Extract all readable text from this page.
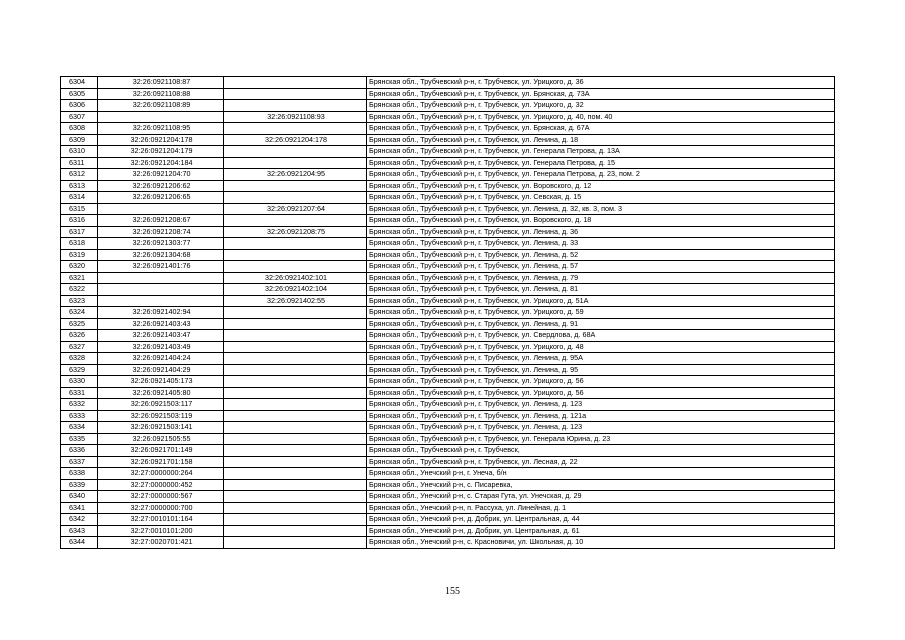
6304	32:26:0921108:87		Брянская обл., Трубчевский р-н, г. Трубчевск, ул. Урицкого, д. 36
6305	32:26:0921108:88		Брянская обл., Трубчевский р-н, г. Трубчевск, ул. Брянская, д. 73А
6306	32:26:0921108:89		Брянская обл., Трубчевский р-н, г. Трубчевск, ул. Урицкого, д. 32
6307		32:26:0921108:93	Брянская обл., Трубчевский р-н, г. Трубчевск, ул. Урицкого, д. 40, пом. 40
6308	32:26:0921108:95		Брянская обл., Трубчевский р-н, г. Трубчевск, ул. Брянская, д. 67А
6309	32:26:0921204:178	32:26:0921204:178	Брянская обл., Трубчевский р-н, г. Трубчевск, ул. Ленина, д. 18
6310	32:26:0921204:179		Брянская обл., Трубчевский р-н, г. Трубчевск, ул. Генерала Петрова, д. 13А
6311	32:26:0921204:184		Брянская обл., Трубчевский р-н, г. Трубчевск, ул. Генерала Петрова, д. 15
6312	32:26:0921204:70	32:26:0921204:95	Брянская обл., Трубчевский р-н, г. Трубчевск, ул. Генерала Петрова, д. 23, пом. 2
6313	32:26:0921206:62		Брянская обл., Трубчевский р-н, г. Трубчевск, ул. Воровского, д. 12
6314	32:26:0921206:65		Брянская обл., Трубчевский р-н, г. Трубчевск, ул. Севская, д. 15
6315		32:26:0921207:64	Брянская обл., Трубчевский р-н, г. Трубчевск, ул. Ленина, д. 32, кв. 3, пом. 3
6316	32:26:0921208:67		Брянская обл., Трубчевский р-н, г. Трубчевск, ул. Воровского, д. 18
6317	32:26:0921208:74	32:26:0921208:75	Брянская обл., Трубчевский р-н, г. Трубчевск, ул. Ленина, д. 36
6318	32:26:0921303:77		Брянская обл., Трубчевский р-н, г. Трубчевск, ул. Ленина, д. 33
6319	32:26:0921304:68		Брянская обл., Трубчевский р-н, г. Трубчевск, ул. Ленина, д. 52
6320	32:26:0921401:76		Брянская обл., Трубчевский р-н, г. Трубчевск, ул. Ленина, д. 57
6321		32:26:0921402:101	Брянская обл., Трубчевский р-н, г. Трубчевск, ул. Ленина, д. 79
6322		32:26:0921402:104	Брянская обл., Трубчевский р-н, г. Трубчевск, ул. Ленина, д. 81
6323		32:26:0921402:55	Брянская обл., Трубчевский р-н, г. Трубчевск, ул. Урицкого, д. 51А
6324	32:26:0921402:94		Брянская обл., Трубчевский р-н, г. Трубчевск, ул. Урицкого, д. 59
6325	32:26:0921403:43		Брянская обл., Трубчевский р-н, г. Трубчевск, ул. Ленина, д. 91
6326	32:26:0921403:47		Брянская обл., Трубчевский р-н, г. Трубчевск, ул. Свердлова, д. 68А
6327	32:26:0921403:49		Брянская обл., Трубчевский р-н, г. Трубчевск, ул. Урицкого, д. 48
6328	32:26:0921404:24		Брянская обл., Трубчевский р-н, г. Трубчевск, ул. Ленина, д. 95А
6329	32:26:0921404:29		Брянская обл., Трубчевский р-н, г. Трубчевск, ул. Ленина, д. 95
6330	32:26:0921405:173		Брянская обл., Трубчевский р-н, г. Трубчевск, ул. Урицкого, д. 56
6331	32:26:0921405:80		Брянская обл., Трубчевский р-н, г. Трубчевск, ул. Урицкого, д. 56
6332	32:26:0921503:117		Брянская обл., Трубчевский р-н, г. Трубчевск, ул. Ленина, д. 123
6333	32:26:0921503:119		Брянская обл., Трубчевский р-н, г. Трубчевск, ул. Ленина, д. 121а
6334	32:26:0921503:141		Брянская обл., Трубчевский р-н, г. Трубчевск, ул. Ленина, д. 123
6335	32:26:0921505:55		Брянская обл., Трубчевский р-н, г. Трубчевск, ул. Генерала Юрина, д. 23
6336	32:26:0921701:149		Брянская обл., Трубчевский р-н, г. Трубчевск,
6337	32:26:0921701:158		Брянская обл., Трубчевский р-н, г. Трубчевск, ул. Лесная, д. 22
6338	32:27:0000000:264		Брянская обл., Унечский р-н, г. Унеча, б/н
6339	32:27:0000000:452		Брянская обл., Унечский р-н, с. Писаревка,
6340	32:27:0000000:567		Брянская обл., Унечский р-н, с. Старая Гута, ул. Унечская, д. 29
6341	32:27:0000000:700		Брянская обл., Унечский р-н, п. Рассуха, ул. Линейная, д. 1
6342	32:27:0010101:164		Брянская обл., Унечский р-н, д. Добрик, ул. Центральная, д. 44
6343	32:27:0010101:200		Брянская обл., Унечский р-н, д. Добрик, ул. Центральная, д. 61
6344	32:27:0020701:421		Брянская обл., Унечский р-н, с. Красновичи, ул. Школьная, д. 10
155
